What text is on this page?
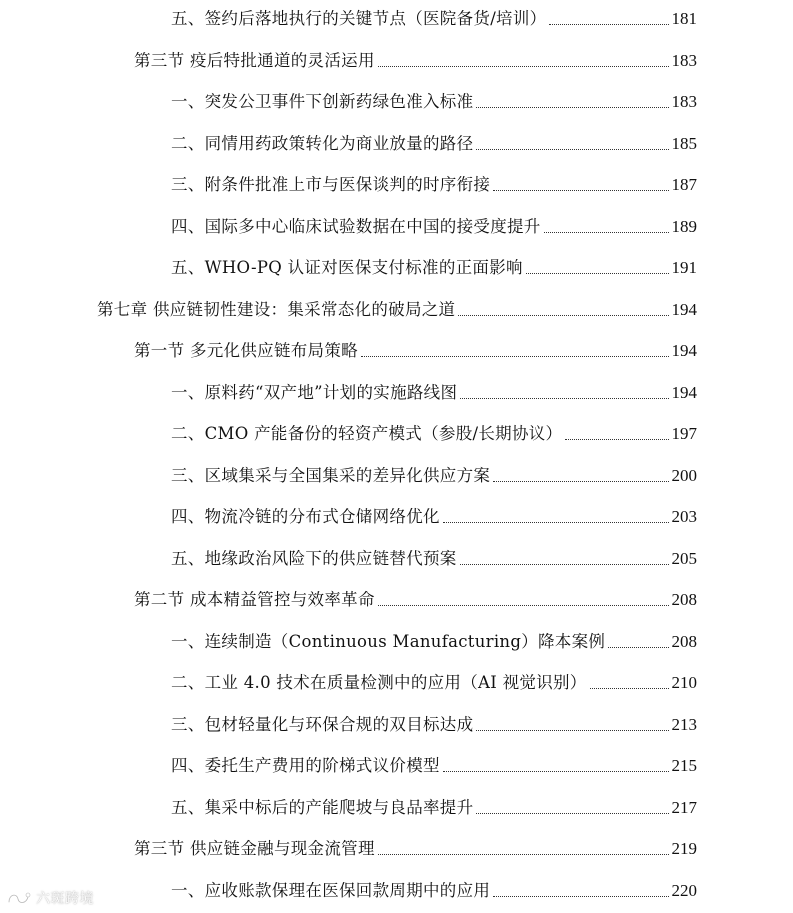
五、签约后落地执行的关键节点（医院备货/培训）	181
第三节 疫后特批通道的灵活运用	183
一、突发公卫事件下创新药绿色准入标准	183
二、同情用药政策转化为商业放量的路径	185
三、附条件批准上市与医保谈判的时序衔接	187
四、国际多中心临床试验数据在中国的接受度提升	189
五、WHO-PQ 认证对医保支付标准的正面影响	191
第七章 供应链韧性建设：集采常态化的破局之道	194
第一节 多元化供应链布局策略	194
一、原料药“双产地”计划的实施路线图	194
二、CMO 产能备份的轻资产模式（参股/长期协议）	197
三、区域集采与全国集采的差异化供应方案	200
四、物流冷链的分布式仓储网络优化	203
五、地缘政治风险下的供应链替代预案	205
第二节 成本精益管控与效率革命	208
一、连续制造（Continuous Manufacturing）降本案例	208
二、工业 4.0 技术在质量检测中的应用（AI 视觉识别）	210
三、包材轻量化与环保合规的双目标达成	213
四、委托生产费用的阶梯式议价模型	215
五、集采中标后的产能爬坡与良品率提升	217
第三节 供应链金融与现金流管理	219
一、应收账款保理在医保回款周期中的应用	220
六斑跨境
